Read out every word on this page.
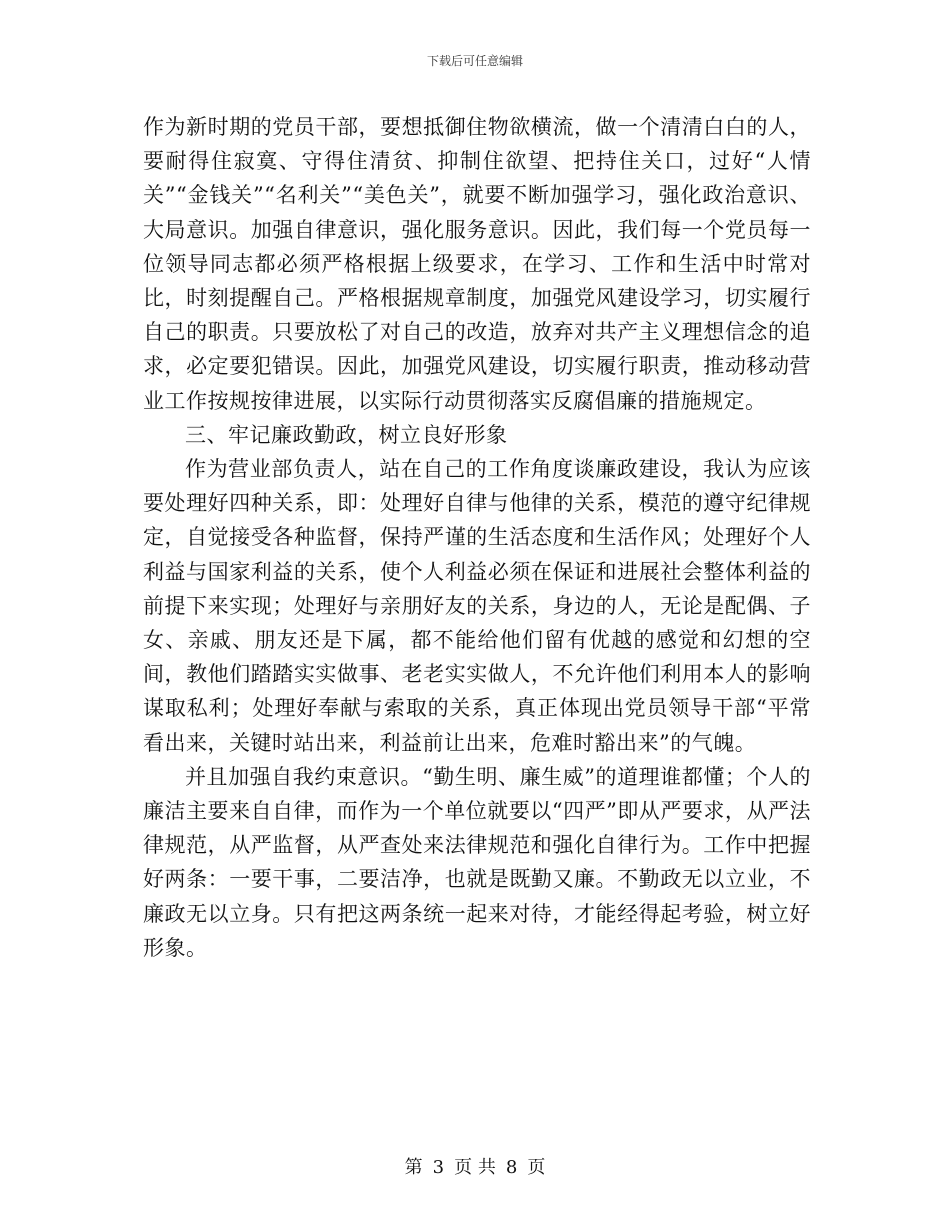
下载后可任意编辑

作为新时期的党员干部，要想抵御住物欲横流，做一个清清白白的人，要耐得住寂寞、守得住清贫、抑制住欲望、把持住关口，过好“人情关”“金钱关”“名利关”“美色关”，就要不断加强学习，强化政治意识、大局意识。加强自律意识，强化服务意识。因此，我们每一个党员每一位领导同志都必须严格根据上级要求，在学习、工作和生活中时常对比，时刻提醒自己。严格根据规章制度，加强党风建设学习，切实履行自己的职责。只要放松了对自己的改造，放弃对共产主义理想信念的追求，必定要犯错误。因此，加强党风建设，切实履行职责，推动移动营业工作按规按律进展，以实际行动贯彻落实反腐倡廉的措施规定。

三、牢记廉政勤政，树立良好形象

作为营业部负责人，站在自己的工作角度谈廉政建设，我认为应该要处理好四种关系，即：处理好自律与他律的关系，模范的遵守纪律规定，自觉接受各种监督，保持严谨的生活态度和生活作风；处理好个人利益与国家利益的关系，使个人利益必须在保证和进展社会整体利益的前提下来实现；处理好与亲朋好友的关系，身边的人，无论是配偶、子女、亲戚、朋友还是下属，都不能给他们留有优越的感觉和幻想的空间，教他们踏踏实实做事、老老实实做人，不允许他们利用本人的影响谋取私利；处理好奉献与索取的关系，真正体现出党员领导干部“平常看出来，关键时站出来，利益前让出来，危难时豁出来”的气魄。

并且加强自我约束意识。“勤生明、廉生威”的道理谁都懂；个人的廉洁主要来自自律，而作为一个单位就要以“四严”即从严要求，从严法律规范，从严监督，从严查处来法律规范和强化自律行为。工作中把握好两条：一要干事，二要洁净，也就是既勤又廉。不勤政无以立业，不廉政无以立身。只有把这两条统一起来对待，才能经得起考验，树立好形象。

第 3 页 共 8 页
